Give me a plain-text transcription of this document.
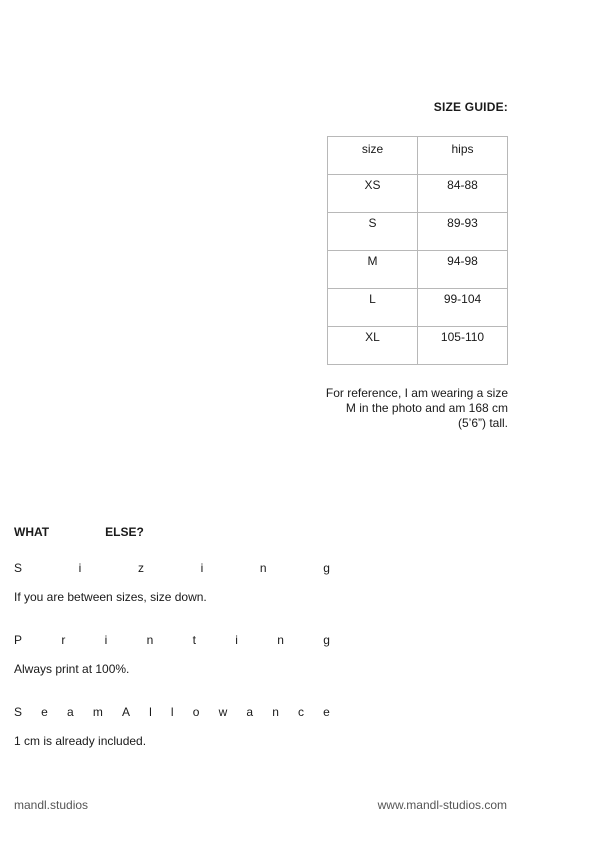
SIZE GUIDE:
size	hips
XS	84-88
S	89-93
M	94-98
L	99-104
XL	105-110
For reference, I am wearing a size
M in the photo and am 168 cm
(5’6”) tall.
WHAT	ELSE?
S	i	z	i	n	g
If you are between sizes, size down.
P	r	i	n	t	i	n	g
Always print at 100%.
S e a m A l l o w a n c e
1 cm is already included.
mandl.studios	www.mandl-studios.com
